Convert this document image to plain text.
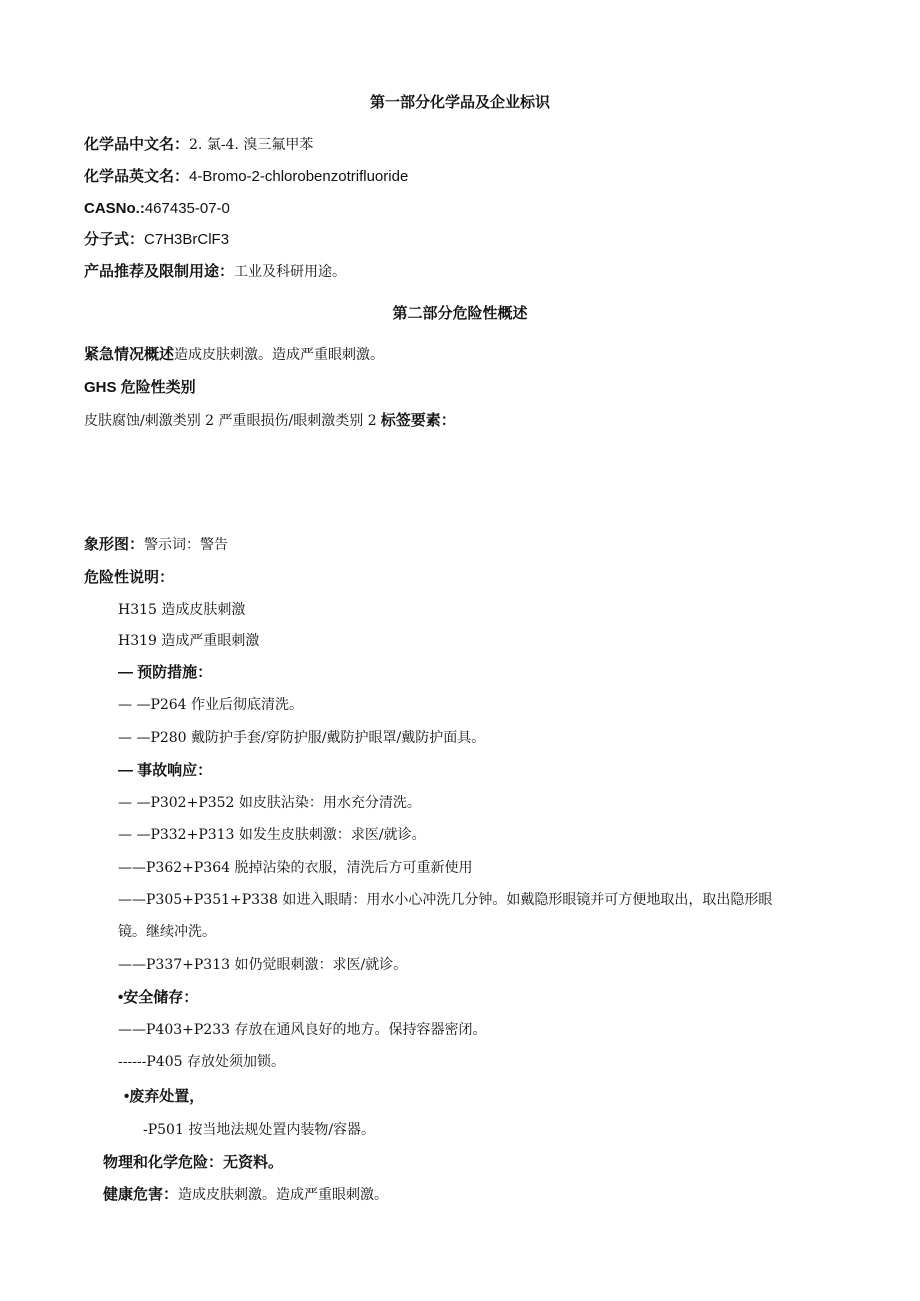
第一部分化学品及企业标识
化学品中文名：2. 氯-4. 溴三氟甲苯
化学品英文名：4-Bromo-2-chlorobenzotrifluoride
CASNo.:467435-07-0
分子式：C7H3BrClF3
产品推荐及限制用途：工业及科研用途。
第二部分危险性概述
紧急情况概述造成皮肤刺激。造成严重眼刺激。
GHS 危险性类别
皮肤腐蚀/刺激类别 2 严重眼损伤/眼刺激类别 2 标签要素：
象形图：警示词：警告
危险性说明：
H315 造成皮肤刺激
H319 造成严重眼刺激
— 预防措施：
— —P264 作业后彻底清洗。
— —P280 戴防护手套/穿防护服/戴防护眼罩/戴防护面具。
— 事故响应：
— —P302+P352 如皮肤沾染：用水充分清洗。
— —P332+P313 如发生皮肤刺激：求医/就诊。
——P362+P364 脱掉沾染的衣服，清洗后方可重新使用
——P305+P351+P338 如进入眼睛：用水小心冲洗几分钟。如戴隐形眼镜并可方便地取出，取出隐形眼
镜。继续冲洗。
——P337+P313 如仍觉眼刺激：求医/就诊。
•安全储存：
——P403+P233 存放在通风良好的地方。保持容器密闭。
------P405 存放处须加锁。
•废弃处置，
-P501 按当地法规处置内装物/容器。
物理和化学危险：无资料。
健康危害：造成皮肤刺激。造成严重眼刺激。
